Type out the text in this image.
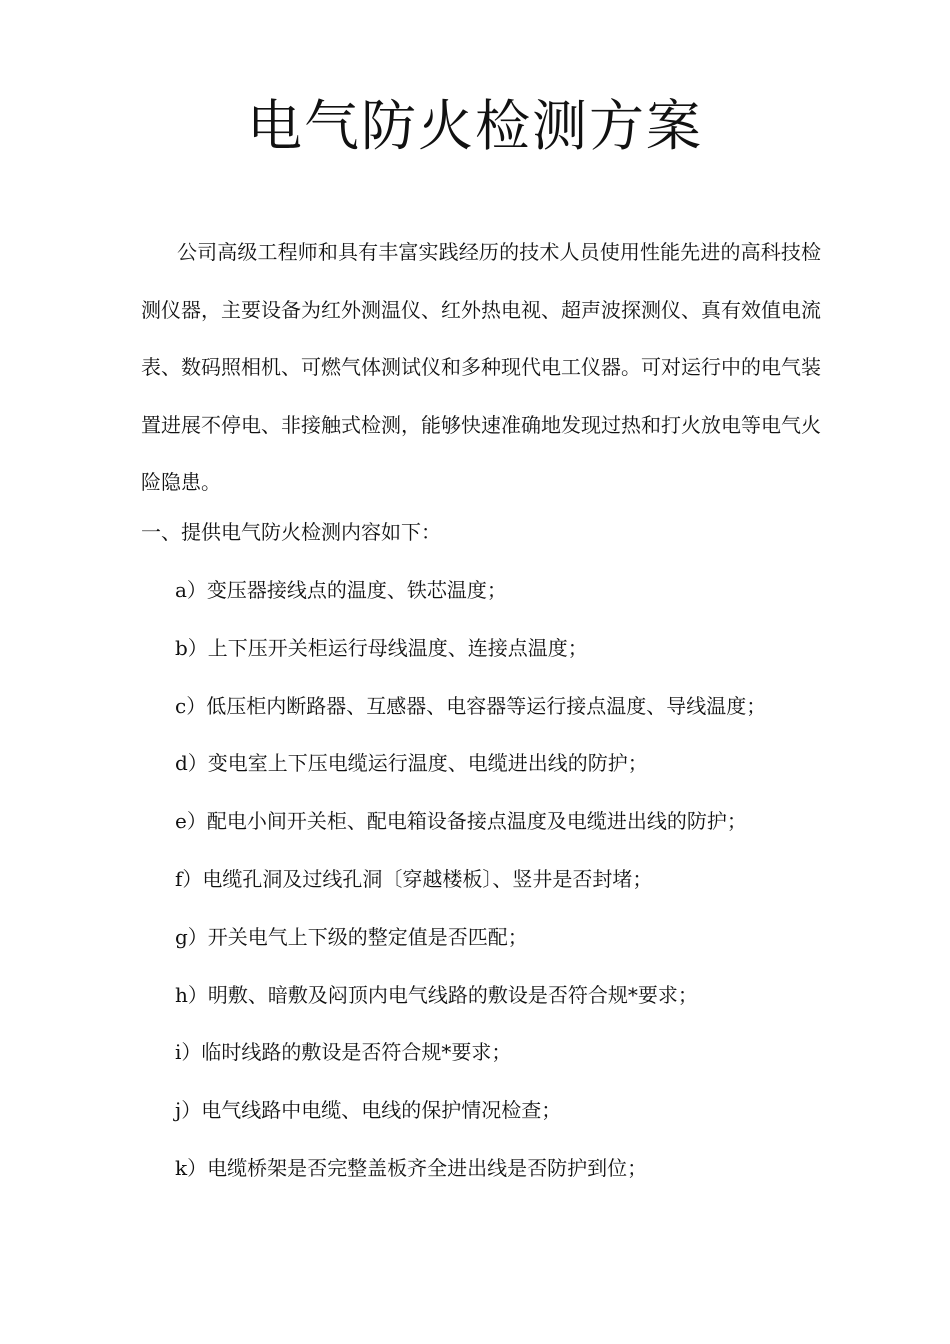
电气防火检测方案

公司高级工程师和具有丰富实践经历的技术人员使用性能先进的高科技检测仪器，主要设备为红外测温仪、红外热电视、超声波探测仪、真有效值电流表、数码照相机、可燃气体测试仪和多种现代电工仪器。可对运行中的电气装置进展不停电、非接触式检测，能够快速准确地发现过热和打火放电等电气火险隐患。

一、提供电气防火检测内容如下：
a）变压器接线点的温度、铁芯温度；
b）上下压开关柜运行母线温度、连接点温度；
c）低压柜内断路器、互感器、电容器等运行接点温度、导线温度；
d）变电室上下压电缆运行温度、电缆进出线的防护；
e）配电小间开关柜、配电箱设备接点温度及电缆进出线的防护；
f）电缆孔洞及过线孔洞〔穿越楼板〕、竖井是否封堵；
g）开关电气上下级的整定值是否匹配；
h）明敷、暗敷及闷顶内电气线路的敷设是否符合规*要求；
i）临时线路的敷设是否符合规*要求；
j）电气线路中电缆、电线的保护情况检查；
k）电缆桥架是否完整盖板齐全进出线是否防护到位；
